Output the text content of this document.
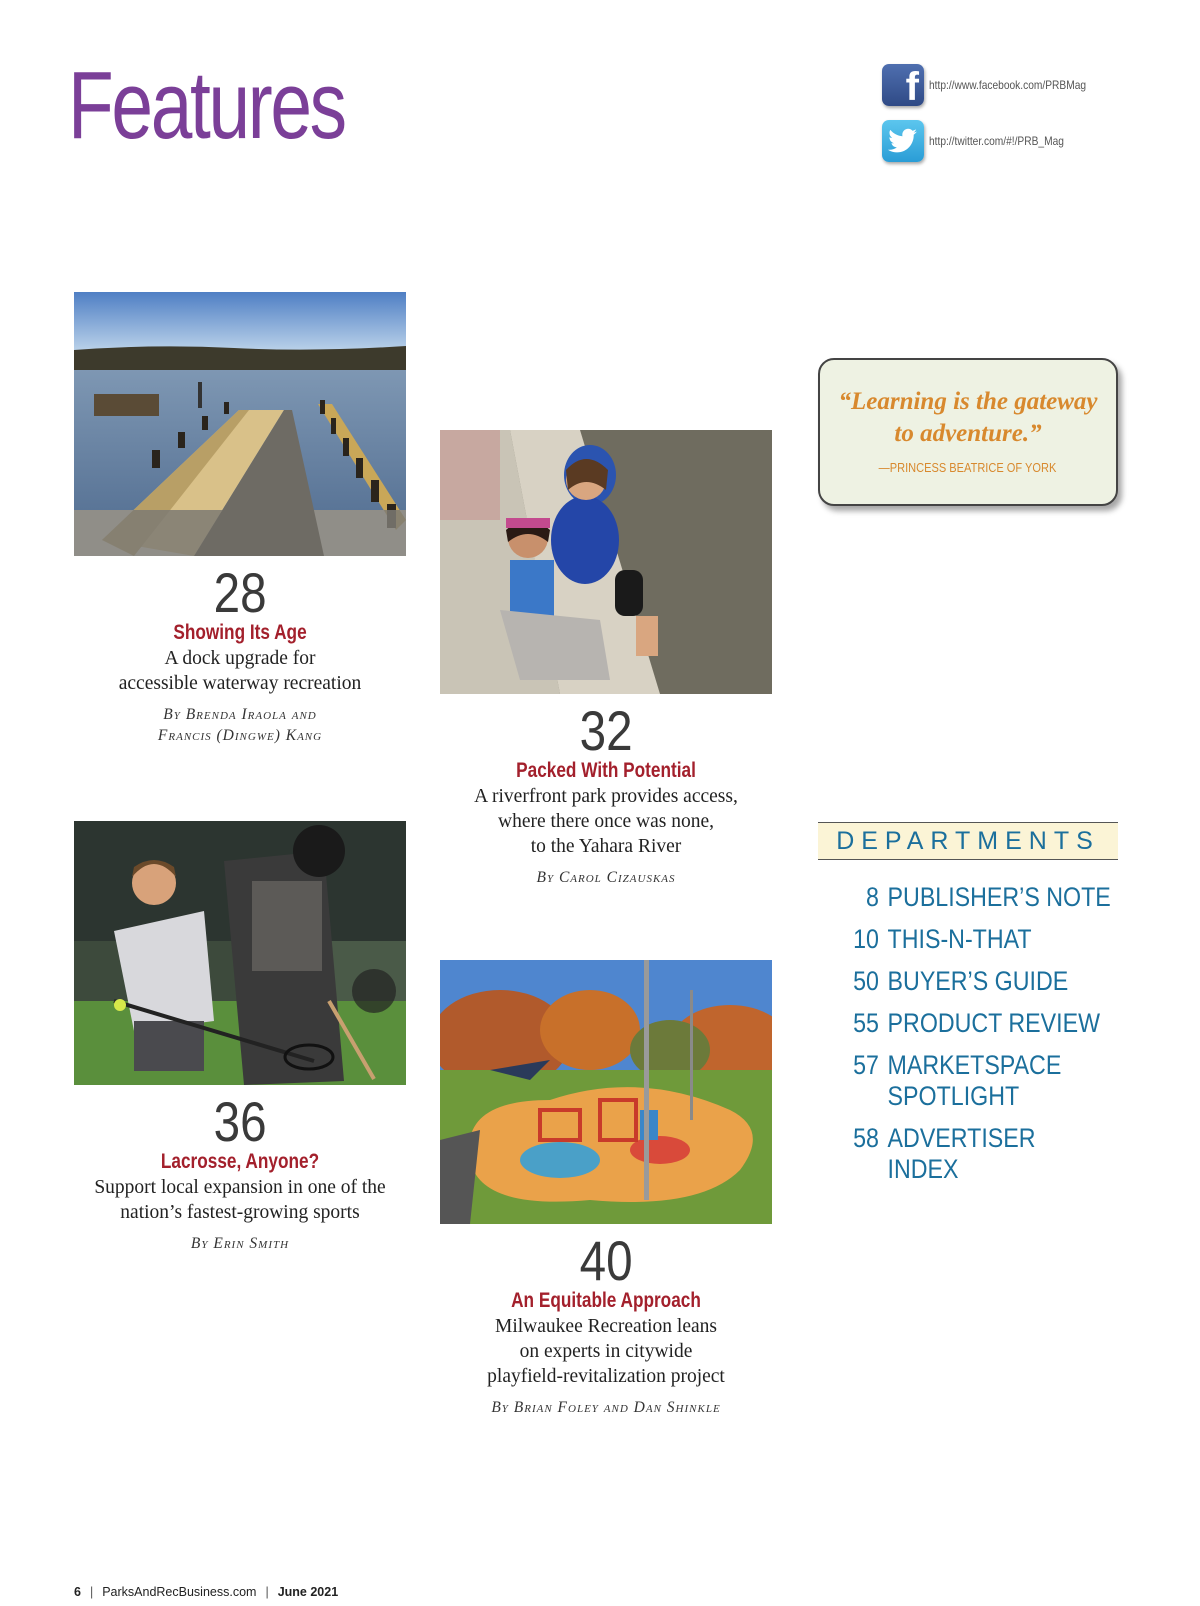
Features	f http://www.facebook.com/PRBMag
http://twitter.com/#!/PRB_Mag
28
Showing Its Age
A dock upgrade for
accessible waterway recreation
By Brenda Iraola and
Francis (Dingwe) Kang	32
Packed With Potential
A riverfront park provides access,
where there once was none,
to the Yahara River
By Carol Cizauskas
36
Lacrosse, Anyone?
Support local expansion in one of the
nation’s fastest-growing sports
By Erin Smith	40
An Equitable Approach
Milwaukee Recreation leans
on experts in citywide
playfield-revitalization project
By Brian Foley and Dan Shinkle
“Learning is the gateway
to adventure.”
—PRINCESS BEATRICE OF YORK
DEPARTMENTS
8 PUBLISHER’S NOTE
10 THIS-N-THAT
50 BUYER’S GUIDE
55 PRODUCT REVIEW
57 MARKETSPACE SPOTLIGHT
58 ADVERTISER INDEX
6 | ParksAndRecBusiness.com | June 2021
